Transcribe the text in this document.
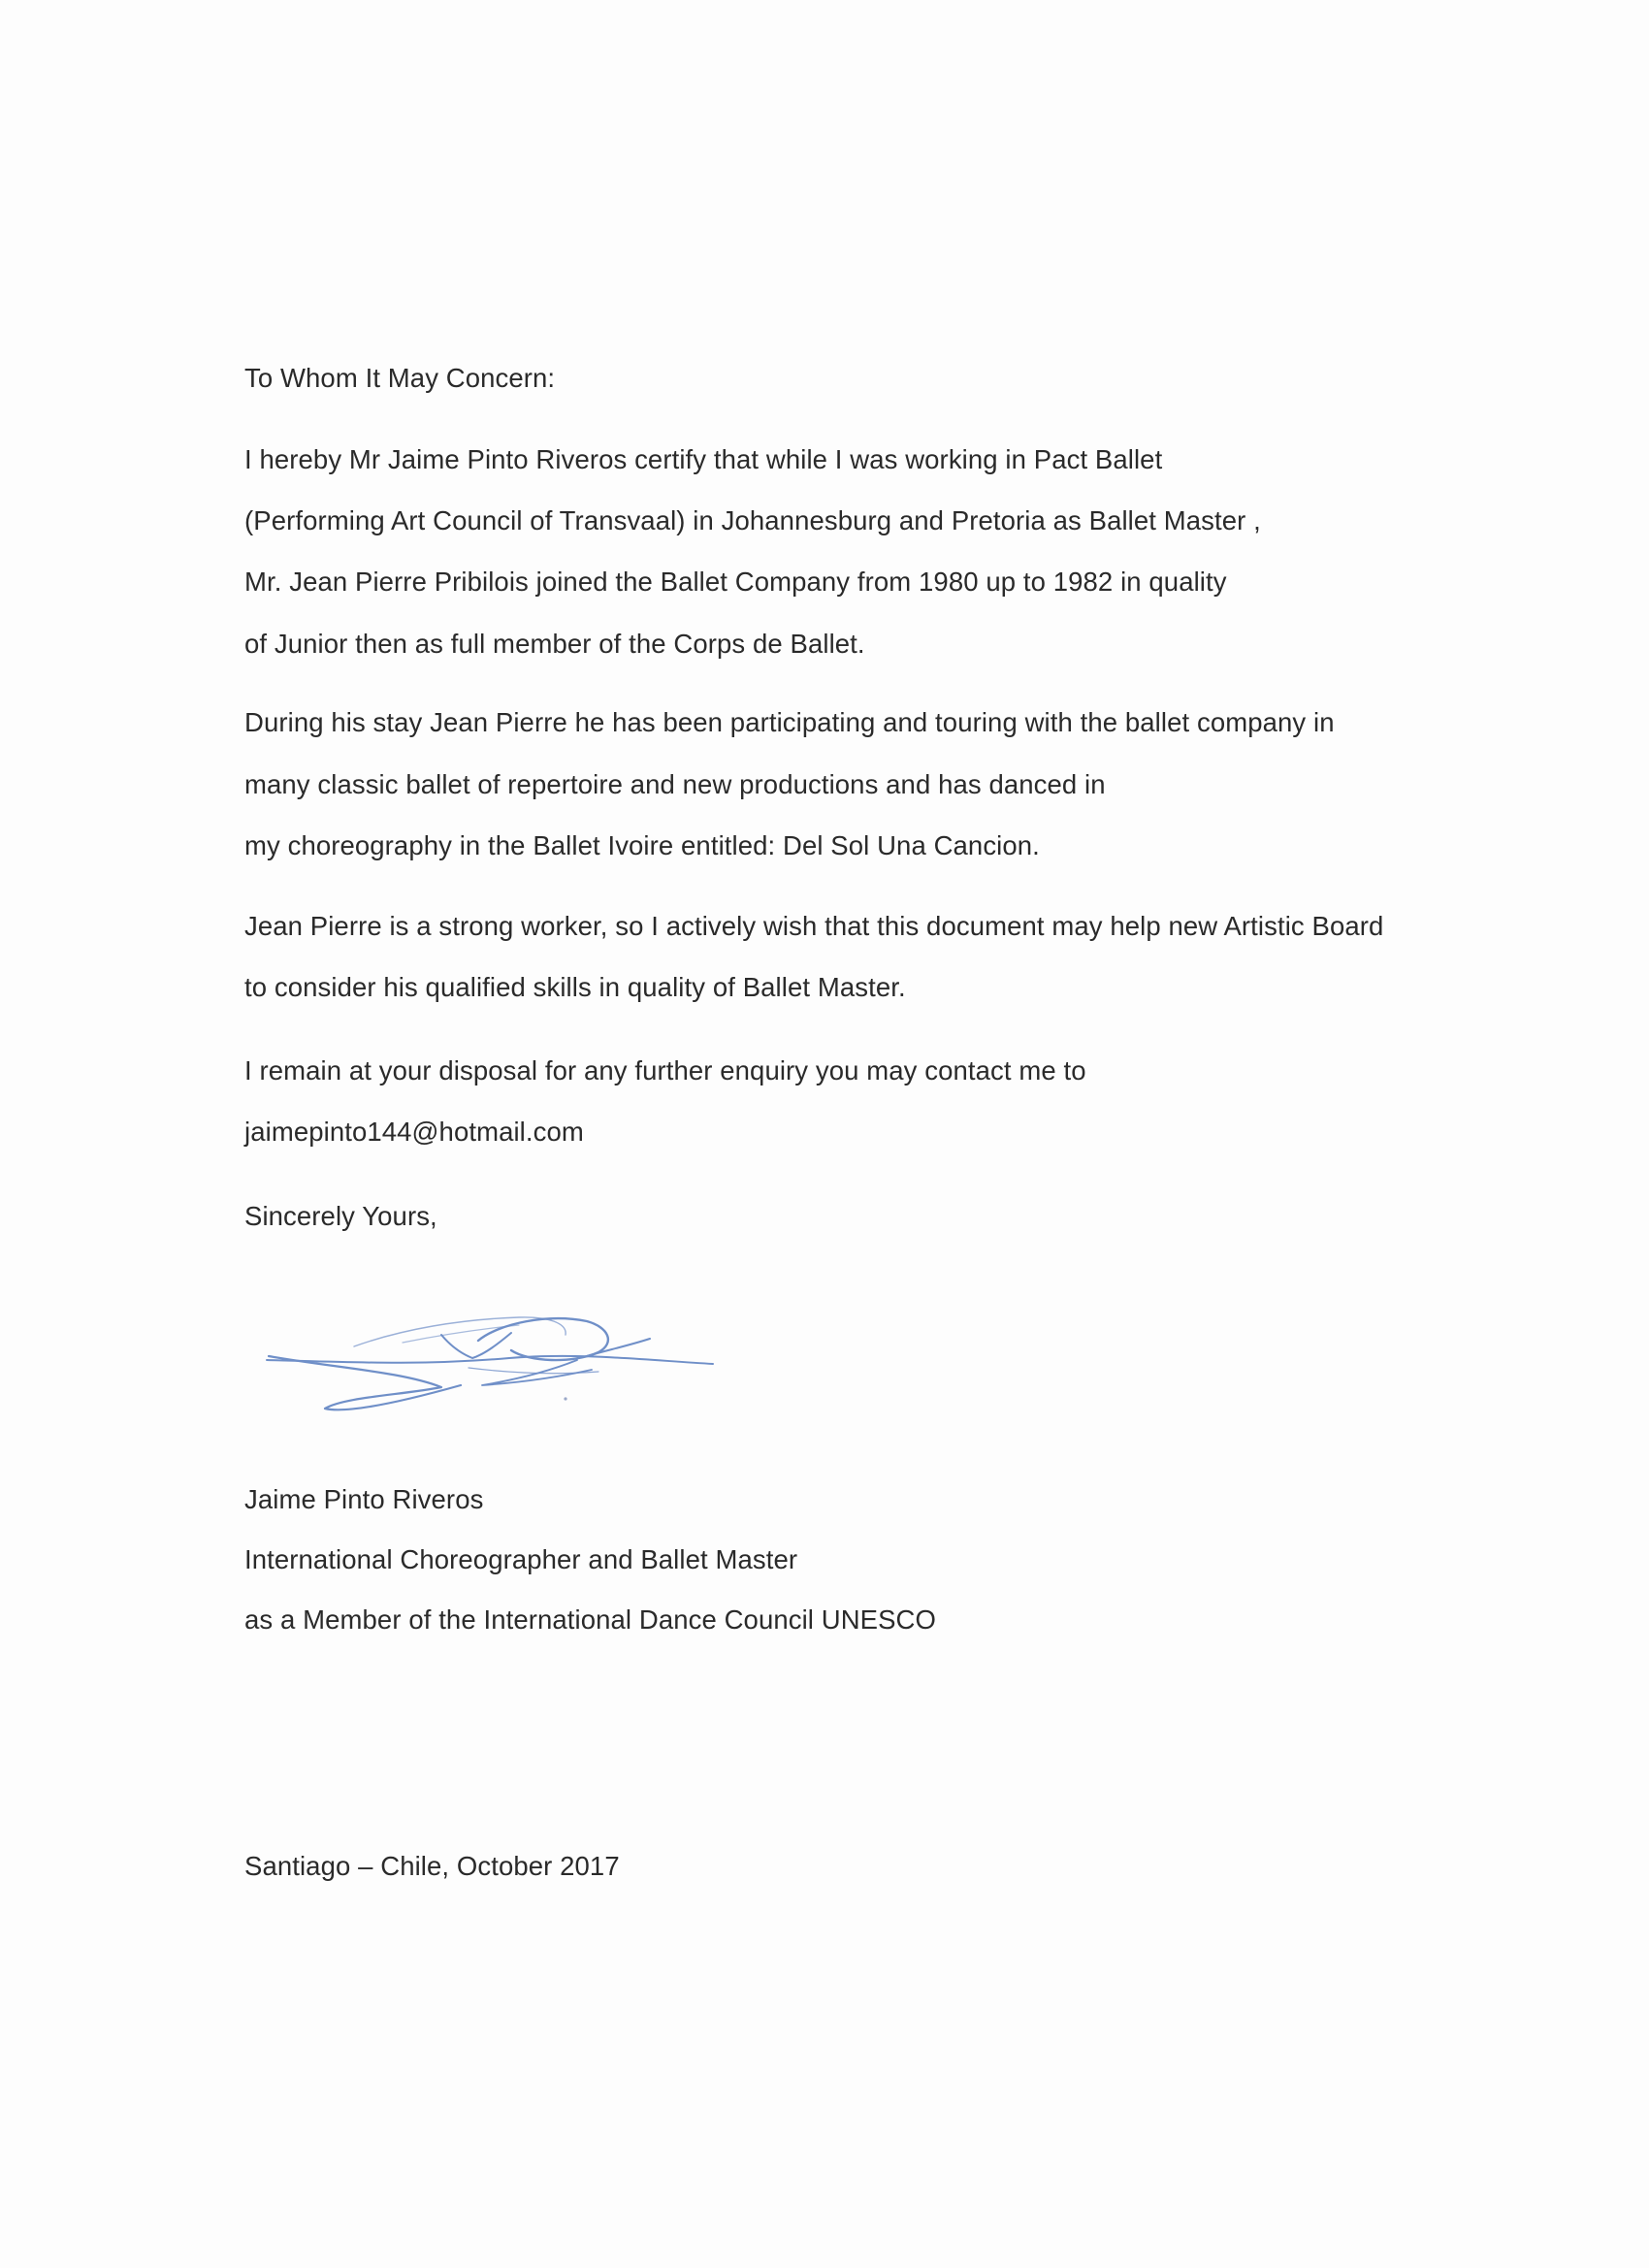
To Whom It May Concern:
I hereby Mr Jaime Pinto Riveros certify that while I was working in Pact Ballet
(Performing Art Council of Transvaal) in Johannesburg and Pretoria as Ballet Master ,
Mr. Jean Pierre Pribilois joined the Ballet Company from 1980 up to 1982 in quality
of Junior then as full member of the Corps de Ballet.
During his stay Jean Pierre he has been participating and touring with the ballet company in
many classic ballet of repertoire and new productions and has danced in
my choreography in the Ballet Ivoire entitled: Del Sol Una Cancion.
Jean Pierre is a strong worker, so I actively wish that this document may help new Artistic Board
to consider his qualified skills in quality of Ballet Master.
I remain at your disposal for any further enquiry you may contact me to
jaimepinto144@hotmail.com
Sincerely Yours,
Jaime Pinto Riveros
International Choreographer and Ballet Master
as a Member of the International Dance Council UNESCO
Santiago – Chile, October 2017
